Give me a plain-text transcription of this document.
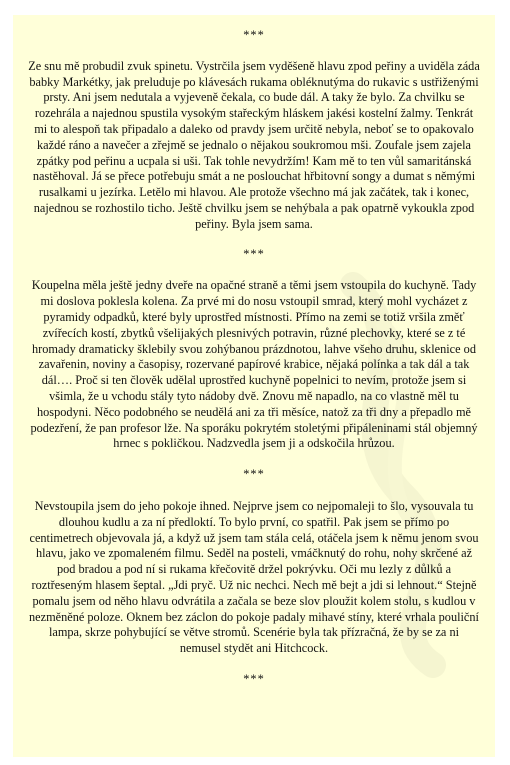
***

Ze snu mě probudil zvuk spinetu. Vystrčila jsem vyděšeně hlavu zpod peřiny a uviděla záda babky Markétky, jak preluduje po klávesách rukama obléknutýma do rukavic s ustřiženými prsty. Ani jsem nedutala a vyjeveně čekala, co bude dál. A taky že bylo. Za chvilku se rozehrála a najednou spustila vysokým stařeckým hláskem jakési kostelní žalmy. Tenkrát mi to alespoň tak připadalo a daleko od pravdy jsem určitě nebyla, neboť se to opakovalo každé ráno a navečer a zřejmě se jednalo o nějakou soukromou mši. Zoufale jsem zajela zpátky pod peřinu a ucpala si uši. Tak tohle nevydržím! Kam mě to ten vůl samaritánská nastěhoval. Já se přece potřebuju smát a ne poslouchat hřbitovní songy a dumat s němými rusalkami u jezírka. Letělo mi hlavou. Ale protože všechno má jak začátek, tak i konec, najednou se rozhostilo ticho. Ještě chvilku jsem se nehýbala a pak opatrně vykoukla zpod peřiny. Byla jsem sama.

***

Koupelna měla ještě jedny dveře na opačné straně a těmi jsem vstoupila do kuchyně. Tady mi doslova poklesla kolena. Za prvé mi do nosu vstoupil smrad, který mohl vycházet z pyramidy odpadků, které byly uprostřed místnosti. Přímo na zemi se totiž vršila změť zvířecích kostí, zbytků všelijakých plesnivých potravin, různé plechovky, které se z té hromady dramaticky šklebily svou zohýbanou prázdnotou, lahve všeho druhu, sklenice od zavařenin, noviny a časopisy, rozervané papírové krabice, nějaká polínka a tak dál a tak dál…. Proč si ten člověk udělal uprostřed kuchyně popelnici to nevím, protože jsem si všimla, že u vchodu stály tyto nádoby dvě. Znovu mě napadlo, na co vlastně měl tu hospodyni. Něco podobného se neudělá ani za tři měsíce, natož za tři dny a přepadlo mě podezření, že pan profesor lže. Na sporáku pokrytém stoletými připáleninami stál objemný hrnec s pokličkou. Nadzvedla jsem ji a odskočila hrůzou.

***

Nevstoupila jsem do jeho pokoje ihned. Nejprve jsem co nejpomaleji to šlo, vysouvala tu dlouhou kudlu a za ní předloktí. To bylo první, co spatřil. Pak jsem se přímo po centimetrech objevovala já, a když už jsem tam stála celá, otáčela jsem k němu jenom svou hlavu, jako ve zpomaleném filmu. Seděl na posteli, vmáčknutý do rohu, nohy skrčené až pod bradou a pod ní si rukama křečovitě držel pokrývku. Oči mu lezly z důlků a roztřeseným hlasem šeptal. „Jdi pryč. Už nic nechci. Nech mě bejt a jdi si lehnout.“ Stejně pomalu jsem od něho hlavu odvrátila a začala se beze slov ploužit kolem stolu, s kudlou v nezměněné poloze. Oknem bez záclon do pokoje padaly mihavé stíny, které vrhala pouliční lampa, skrze pohybující se větve stromů. Scenérie byla tak přízračná, že by se za ni nemusel stydět ani Hitchcock.

***
